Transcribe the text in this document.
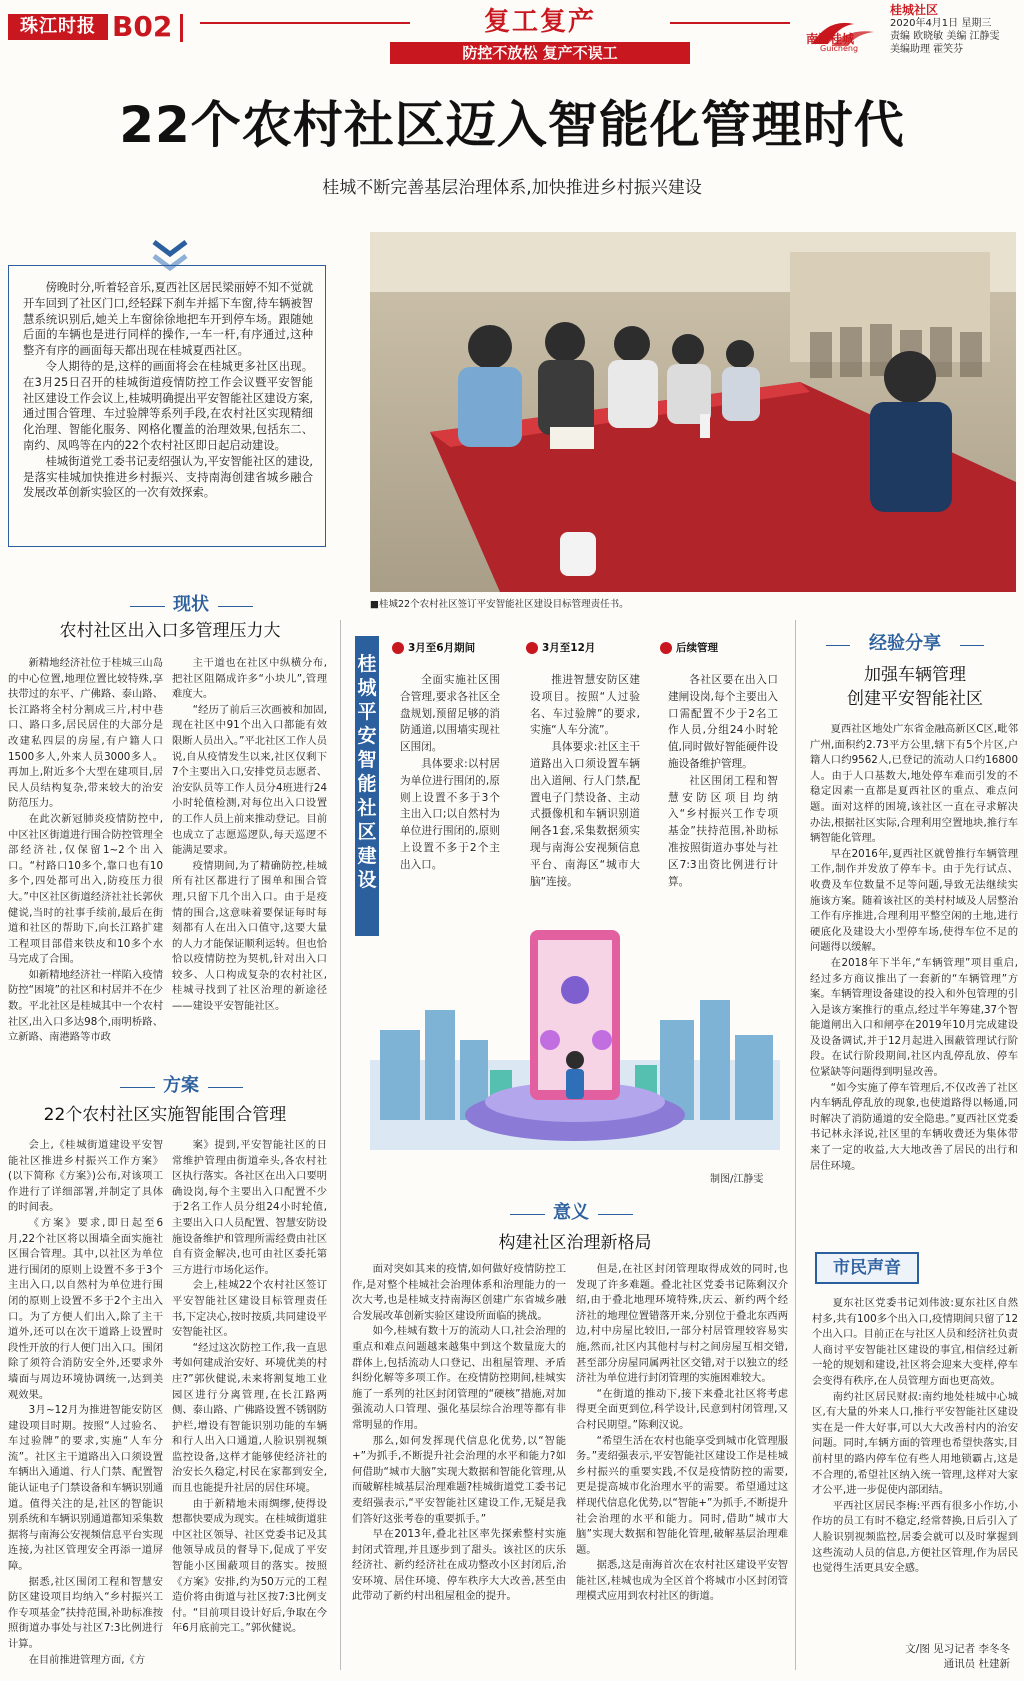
珠江时报 B02	复工复产
防控不放松 复产不误工
南海桂城
Guicheng
桂城社区
2020年4月1日 星期三
责编 欧晓敏 美编 江静雯
美编助理 霍笑芬
22个农村社区迈入智能化管理时代
桂城不断完善基层治理体系,加快推进乡村振兴建设

傍晚时分,听着轻音乐,夏西社区居民梁丽婷不知不觉就开车回到了社区门口,经轻踩下刹车并摇下车窗,待车辆被智慧系统识别后,她关上车窗徐徐地把车开到停车场。跟随她后面的车辆也是进行同样的操作,一车一杆,有序通过,这种整齐有序的画面每天都出现在桂城夏西社区。

令人期待的是,这样的画面将会在桂城更多社区出现。在3月25日召开的桂城街道疫情防控工作会议暨平安智能社区建设工作会议上,桂城明确提出平安智能社区建设方案,通过围合管理、车过验牌等系列手段,在农村社区实现精细化治理、智能化服务、网格化覆盖的治理效果,包括东二、南约、凤鸣等在内的22个农村社区即日起启动建设。

桂城街道党工委书记麦绍强认为,平安智能社区的建设,是落实桂城加快推进乡村振兴、支持南海创建省城乡融合发展改革创新实验区的一次有效探索。

■桂城22个农村社区签订平安智能社区建设目标管理责任书。
现状
农村社区出入口多管理压力大

新精地经济社位于桂城三山岛的中心位置,地理位置比较特殊,享扶带过的东平、广佛路、泰山路、长江路将全村分割成三片,村中巷口、路口多,居民居住的大部分是改建私四层的房屋,有户籍人口1500多人,外来人员3000多人。再加上,附近多个大型在建项目,居民人员结构复杂,带来较大的治安防范压力。

在此次新冠肺炎疫情防控中,中区社区街道进行围合防控管理全部经济社,仅保留1~2个出入口。“村路口10多个,靠口也有10多个,四处都可出入,防疫压力很大。”中区社区街道经济社社长郭伙健说,当时的社事手续前,最后在街道和社区的帮助下,向长江路扩建工程项目部借来铁皮和10多个水马完成了合围。

如新精地经济社一样陷入疫情防控“困境”的社区和村居并不在少数。平北社区是桂城其中一个农村社区,出入口多达98个,雨明桥路、立新路、南港路等市政

主干道也在社区中纵横分布,把社区阻隔成许多“小块儿”,管理难度大。

“经历了前后三次画被和加固,现在社区中91个出入口都能有效限断人员出入。”平北社区工作人员说,自从疫情发生以来,社区仅剩下7个主要出入口,安排党员志愿者、治安队员等工作人员分4班进行24小时轮值检测,对每位出入口设置的工作人员上前来推动登记。目前也成立了志愿巡逻队,每天巡逻不能满足要求。

疫情期间,为了精确防控,桂城所有社区都进行了围单和围合管理,只留下几个出入口。由于是疫情的围合,这意味着要保证每时每刻都有人在出入口值守,这要大量的人力才能保证顺利运转。但也恰恰以疫情防控为契机,针对出入口较多、人口构成复杂的农村社区,桂城寻找到了社区治理的新途径——建设平安智能社区。

方案
22个农村社区实施智能围合管理

会上,《桂城街道建设平安智能社区推进乡村振兴工作方案》(以下简称《方案》)公布,对该项工作进行了详细部署,并制定了具体的时间表。

《方案》要求,即日起至6月,22个社区将以围墙全面实施社区围合管理。其中,以社区为单位进行围闭的原则上设置不多于3个主出入口,以自然村为单位进行围闭的原则上设置不多于2个主出入口。为了方便人们出入,除了主干道外,还可以在次干道路上设置时段性开放的行人便门出入口。围闭除了须符合消防安全外,还要求外墙面与周边环境协调统一,达到美观效果。

3月~12月为推进智能安防区建设项目时期。按照“人过验名、车过验牌”的要求,实施“人车分流”。社区主干道路出入口须设置车辆出入通道、行人门禁、配置智能认证电子门禁设备和车辆识别通道。值得关注的是,社区的智能识别系统和车辆识别通道都知采集数据将与南海公安视频信息平台实现连接,为社区管理安全再添一道屏障。

据悉,社区围闭工程和智慧安防区建设项目均纳入“乡村振兴工作专项基金”扶持范围,补助标准按照街道办事处与社区7:3比例进行计算。

在目前推进管理方面,《方

案》提到,平安智能社区的日常维护管理由街道牵头,各农村社区执行落实。各社区在出入口要明确设岗,每个主要出入口配置不少于2名工作人员分组24小时轮值,主要出入口人员配置、智慧安防设施设备维护和管理所需经费由社区自有资金解决,也可由社区委托第三方进行市场化运作。

会上,桂城22个农村社区签订平安智能社区建设目标管理责任书,下定决心,按时按质,共同建设平安智能社区。

“经过这次防控工作,我一直思考如何建成治安好、环境优美的村庄?”郭伙健说,未来将割复地工业园区进行分离管理,在长江路两侧、泰山路、广佛路设置不锈钢防护栏,增设有智能识别功能的车辆和行人出入口通道,人脸识别视频监控设备,这样才能够使经济社的治安长久稳定,村民在家都到安全,而且也能提升社居的居住环境。

由于新精地未雨绸缪,使得设想都快要成为现实。在桂城街道驻中区社区领导、社区党委书记及其他领导成员的督导下,促成了平安智能小区围蔽项目的落实。按照《方案》安排,约为50万元的工程造价将由街道与社区按7:3比例支付。“目前项目设计好后,争取在今年6月底前完工。”郭伙健说。

桂城平安智能社区建设
3月至6月期间

全面实施社区围合管理,要求各社区全盘规划,预留足够的消防通道,以围墙实现社区围闭。

具体要求:以村居为单位进行围闭的,原则上设置不多于3个主出入口;以自然村为单位进行围闭的,原则上设置不多于2个主出入口。

3月至12月

推进智慧安防区建设项目。按照“人过验名、车过验牌”的要求,实施“人车分流”。

具体要求:社区主干道路出入口须设置车辆出入道闸、行人门禁,配置电子门禁设备、主动式摄像机和车辆识别道闸各1套,采集数据须实现与南海公安视频信息平台、南海区“城市大脑”连接。

后续管理

各社区要在出入口建闸设岗,每个主要出入口需配置不少于2名工作人员,分组24小时轮值,同时做好智能硬件设施设备维护管理。

社区围闭工程和智慧安防区项目均纳入“乡村振兴工作专项基金”扶持范围,补助标准按照街道办事处与社区7:3出资比例进行计算。

制图/江静雯
经验分享
加强车辆管理
创建平安智能社区

夏西社区地处广东省金融高新区C区,毗邻广州,面积约2.73平方公里,辖下有5个片区,户籍人口约9562人,已登记的流动人口约16800人。由于人口基数大,地处停车难而引发的不稳定因素一直都是夏西社区的重点、难点问题。面对这样的困境,该社区一直在寻求解决办法,根据社区实际,合理利用空置地块,推行车辆智能化管理。

早在2016年,夏西社区就曾推行车辆管理工作,制作并发放了停车卡。由于先行试点、收费及车位数量不足等问题,导致无法继续实施该方案。随着该社区的美村村域及人居整治工作有序推进,合理利用平整空闲的土地,进行硬底化及建设大小型停车场,使得车位不足的问题得以缓解。

在2018年下半年,“车辆管理”项目重启,经过多方商议推出了一套新的“车辆管理”方案。车辆管理设备建设的投入和外包管理的引入是该方案推行的重点,经过半年筹建,37个智能道闸出入口和闸亭在2019年10月完成建设及设备调试,并于12月起进入围蔽管理试行阶段。在试行阶段期间,社区内乱停乱放、停车位紧缺等问题得到明显改善。

“如今实施了停车管理后,不仅改善了社区内车辆乱停乱放的现象,也使道路得以畅通,同时解决了消防通道的安全隐患。”夏西社区党委书记林永泽说,社区里的车辆收费还为集体带来了一定的收益,大大地改善了居民的出行和居住环境。

意义
构建社区治理新格局

面对突如其来的疫情,如何做好疫情防控工作,是对整个桂城社会治理体系和治理能力的一次大考,也是桂城支持南海区创建广东省城乡融合发展改革创新实验区建设所面临的挑战。

如今,桂城有数十万的流动人口,社会治理的重点和难点问题越来越集中到这个数量庞大的群体上,包括流动人口登记、出租屋管理、矛盾纠纷化解等多项工作。在疫情防控期间,桂城实施了一系列的社区封闭管理的“硬核”措施,对加强流动人口管理、强化基层综合治理等都有非常明显的作用。

那么,如何发挥现代信息化优势,以“智能+”为抓手,不断提升社会治理的水平和能力?如何借助“城市大脑”实现大数据和智能化管理,从而破解桂城基层治理难题?桂城街道党工委书记麦绍强表示,“平安智能社区建设工作,无疑是我们答好这张考卷的重要抓手。”

早在2013年,叠北社区率先探索整村实施封闭式管理,并且逐步到了甜头。该社区的庆乐经济社、新约经济社在成功整改小区封闭后,治安环境、居住环境、停车秩序大大改善,甚至由此带动了新约村出租屋租金的提升。

但是,在社区封闭管理取得成效的同时,也发现了许多难题。叠北社区党委书记陈剩汉介绍,由于叠北地理环境特殊,庆云、新约两个经济社的地理位置错落开来,分别位于叠北东西两边,村中房屋比较旧,一部分村居管理较容易实施,然而,社区内其他村与村之间房屋互相交错,甚至部分房屋同属两社区交错,对于以独立的经济社为单位进行封闭管理的实施困难较大。

“在街道的推动下,接下来叠北社区将考虑得更全面更到位,科学设计,民意到村闭管理,又合村民期望。”陈剩汉说。

“希望生活在农村也能享受到城市化管理服务。”麦绍强表示,平安智能社区建设工作是桂城乡村振兴的重要实践,不仅是疫情防控的需要,更是提高城市化治理水平的需要。希望通过这样现代信息化优势,以“智能+”为抓手,不断提升社会治理的水平和能力。同时,借助“城市大脑”实现大数据和智能化管理,破解基层治理难题。

据悉,这是南海首次在农村社区建设平安智能社区,桂城也成为全区首个将城市小区封闭管理模式应用到农村社区的街道。

市民声音

夏东社区党委书记刘伟波:夏东社区自然村多,共有100多个出入口,疫情期间只留了12个出入口。目前正在与社区人员和经济社负责人商讨平安智能社区建设的事宜,相信经过新一轮的规划和建设,社区将会迎来大变样,停车会变得有秩序,在人员管理方面也更高效。

南约社区居民财叔:南约地处桂城中心城区,有大量的外来人口,推行平安智能社区建设实在是一件大好事,可以大大改善村内的治安问题。同时,车辆方面的管理也希望快落实,目前村里的路内停车位有些人用地锁霸占,这是不合理的,希望社区纳入统一管理,这样对大家才公平,进一步促使内部团结。

平西社区居民李梅:平西有很多小作坊,小作坊的员工有时不稳定,经常替换,日后引入了人脸识别视频监控,居委会就可以及时掌握到这些流动人员的信息,方便社区管理,作为居民也觉得生活更具安全感。

文/图 见习记者 李冬冬
通讯员 杜建新
